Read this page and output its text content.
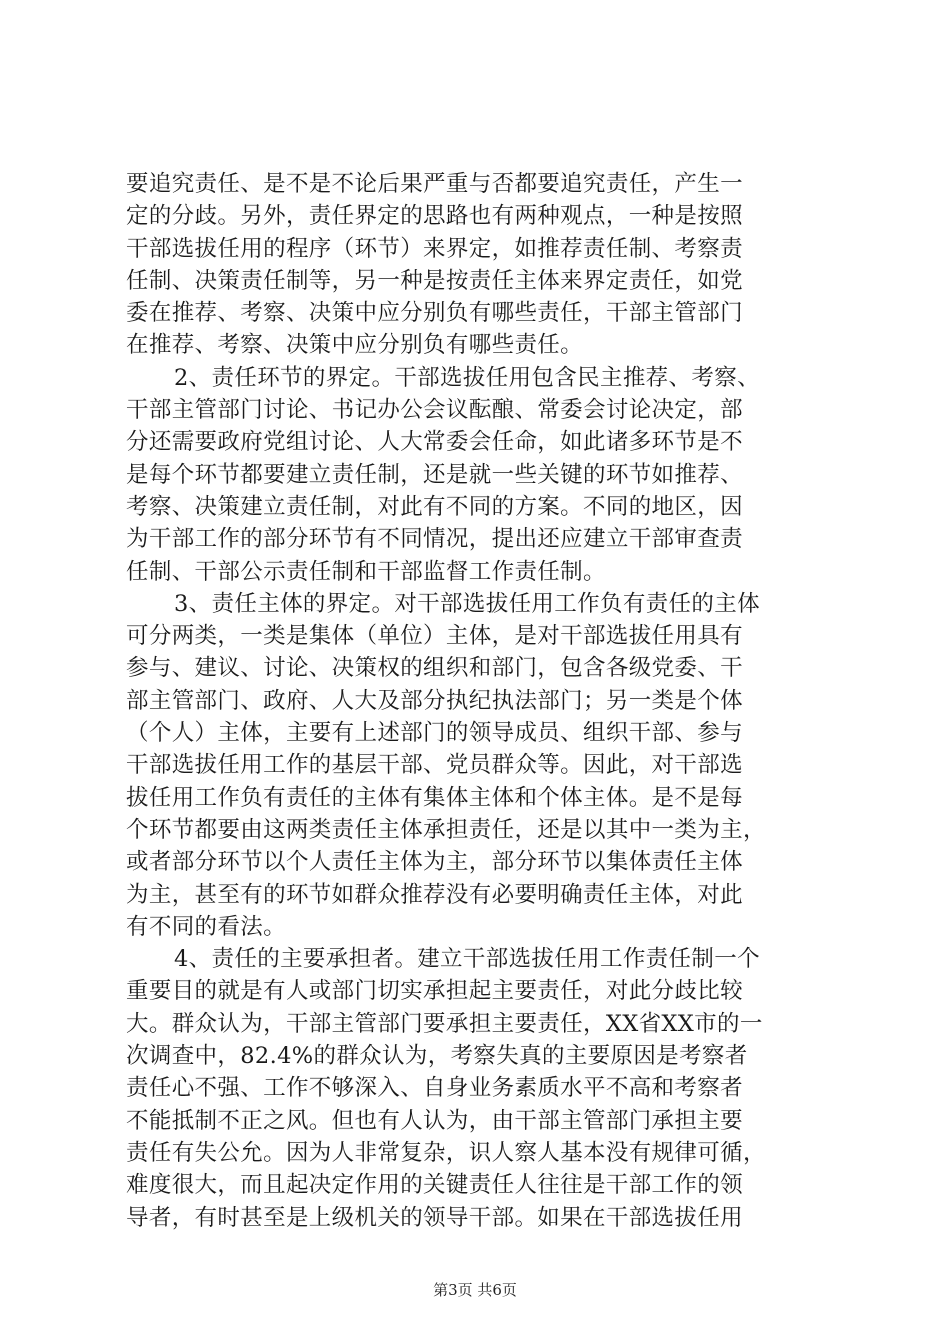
要追究责任、是不是不论后果严重与否都要追究责任，产生一
定的分歧。另外，责任界定的思路也有两种观点，一种是按照
干部选拔任用的程序（环节）来界定，如推荐责任制、考察责
任制、决策责任制等，另一种是按责任主体来界定责任，如党
委在推荐、考察、决策中应分别负有哪些责任，干部主管部门
在推荐、考察、决策中应分别负有哪些责任。
2、责任环节的界定。干部选拔任用包含民主推荐、考察、
干部主管部门讨论、书记办公会议酝酿、常委会讨论决定，部
分还需要政府党组讨论、人大常委会任命，如此诸多环节是不
是每个环节都要建立责任制，还是就一些关键的环节如推荐、
考察、决策建立责任制，对此有不同的方案。不同的地区，因
为干部工作的部分环节有不同情况，提出还应建立干部审查责
任制、干部公示责任制和干部监督工作责任制。
3、责任主体的界定。对干部选拔任用工作负有责任的主体
可分两类，一类是集体（单位）主体，是对干部选拔任用具有
参与、建议、讨论、决策权的组织和部门，包含各级党委、干
部主管部门、政府、人大及部分执纪执法部门；另一类是个体
（个人）主体，主要有上述部门的领导成员、组织干部、参与
干部选拔任用工作的基层干部、党员群众等。因此，对干部选
拔任用工作负有责任的主体有集体主体和个体主体。是不是每
个环节都要由这两类责任主体承担责任，还是以其中一类为主，
或者部分环节以个人责任主体为主，部分环节以集体责任主体
为主，甚至有的环节如群众推荐没有必要明确责任主体，对此
有不同的看法。
4、责任的主要承担者。建立干部选拔任用工作责任制一个
重要目的就是有人或部门切实承担起主要责任，对此分歧比较
大。群众认为，干部主管部门要承担主要责任，XX省XX市的一
次调查中，82.4%的群众认为，考察失真的主要原因是考察者
责任心不强、工作不够深入、自身业务素质水平不高和考察者
不能抵制不正之风。但也有人认为，由干部主管部门承担主要
责任有失公允。因为人非常复杂，识人察人基本没有规律可循，
难度很大，而且起决定作用的关键责任人往往是干部工作的领
导者，有时甚至是上级机关的领导干部。如果在干部选拔任用
第3页 共6页
